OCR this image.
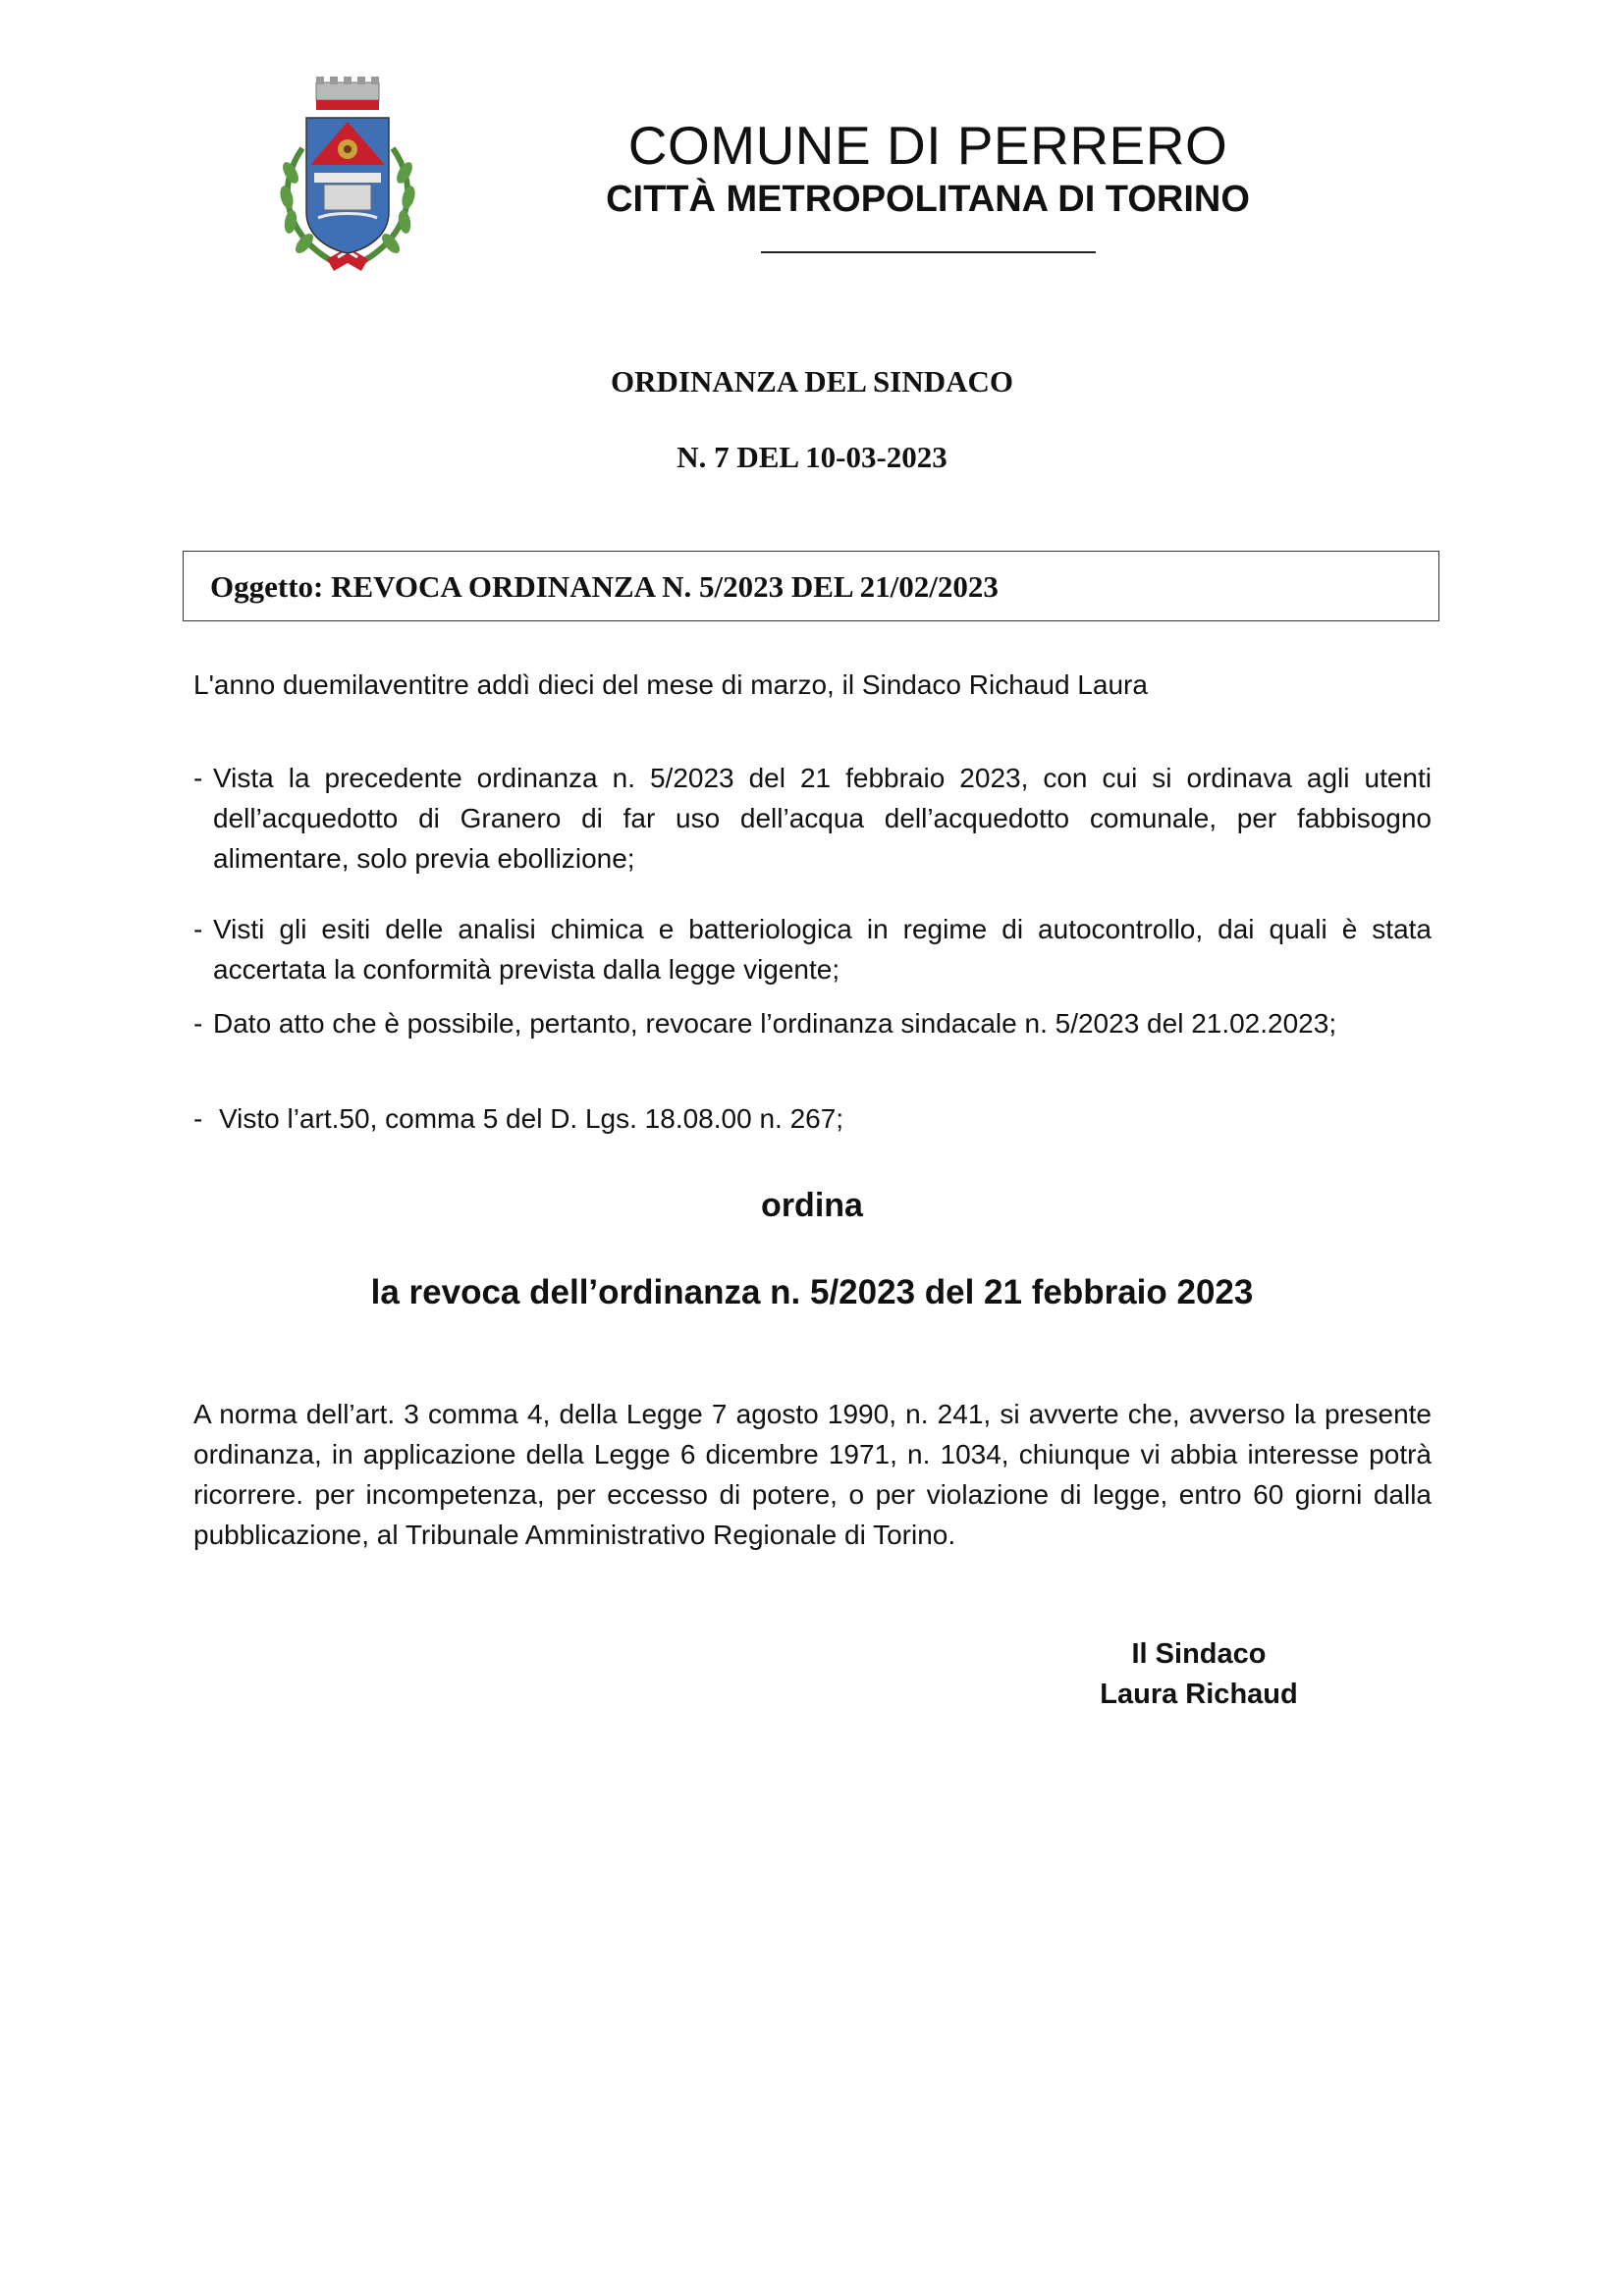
COMUNE DI PERRERO
CITTÀ METROPOLITANA DI TORINO
ORDINANZA DEL SINDACO
N. 7 DEL 10-03-2023
Oggetto: REVOCA ORDINANZA N. 5/2023 DEL 21/02/2023
L'anno duemilaventitre addì dieci del mese di marzo, il Sindaco Richaud Laura
- Vista la precedente ordinanza n. 5/2023 del 21 febbraio 2023, con cui si ordinava agli utenti dell’acquedotto di Granero di far uso dell’acqua dell’acquedotto comunale, per fabbisogno alimentare, solo previa ebollizione;
- Visti gli esiti delle analisi chimica e batteriologica in regime di autocontrollo, dai quali è stata accertata la conformità prevista dalla legge vigente;
- Dato atto che è possibile, pertanto, revocare l’ordinanza sindacale n. 5/2023 del 21.02.2023;
- Visto l’art.50, comma 5 del D. Lgs. 18.08.00 n. 267;
ordina
la revoca dell’ordinanza n. 5/2023 del 21 febbraio 2023
A norma dell’art. 3 comma 4, della Legge 7 agosto 1990, n. 241, si avverte che, avverso la presente ordinanza, in applicazione della Legge 6 dicembre 1971, n. 1034, chiunque vi abbia interesse potrà ricorrere. per incompetenza, per eccesso di potere, o per violazione di legge, entro 60 giorni dalla pubblicazione, al Tribunale Amministrativo Regionale di Torino.
Il Sindaco
Laura Richaud
